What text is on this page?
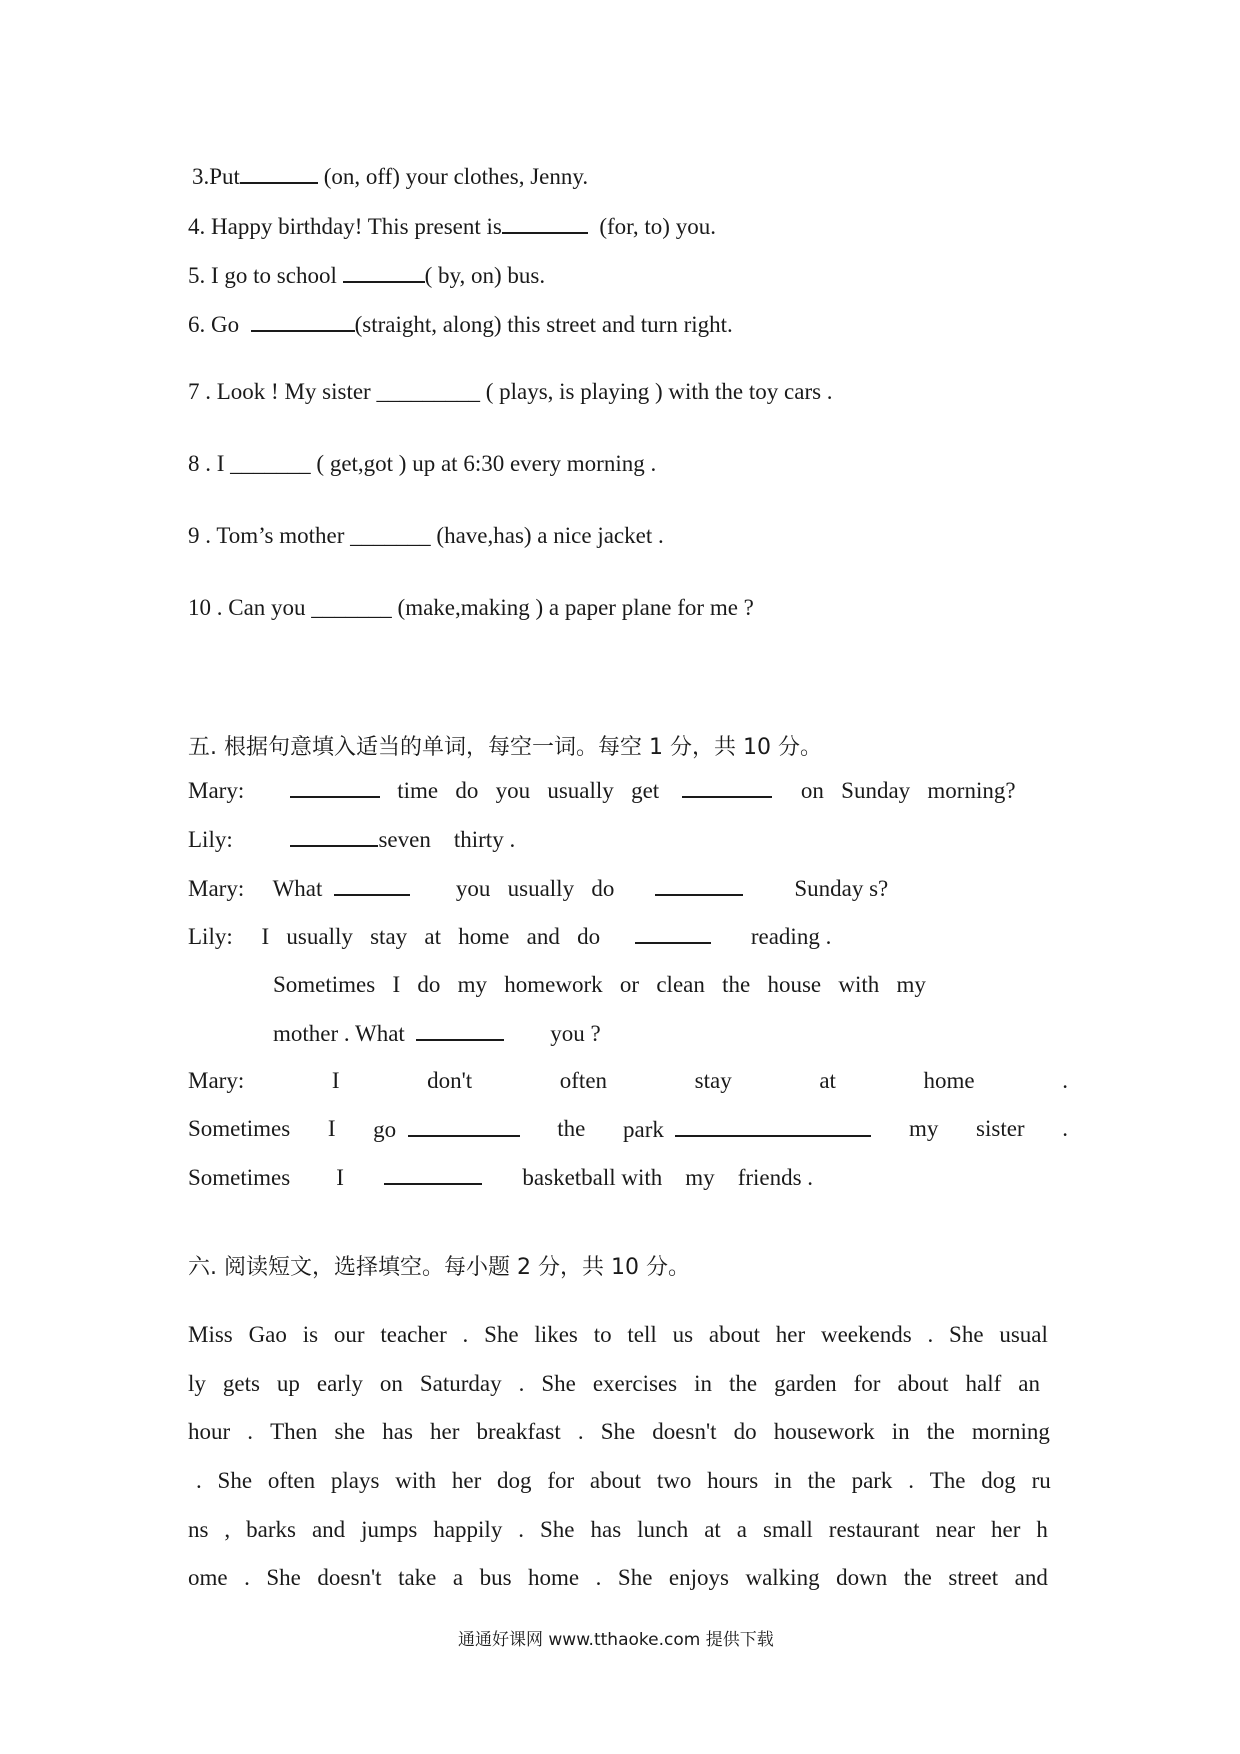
3.Put	(on, off) your clothes, Jenny.
4. Happy birthday! This present is	(for, to) you.
5. I go to school	( by, on) bus.
6. Go	(straight, along) this street and turn right.
7 . Look ! My sister _________ ( plays, is playing ) with the toy cars .
8 . I _______ ( get,got ) up at 6:30 every morning .
9 . Tom’s mother _______ (have,has) a nice jacket .
10 . Can you _______ (make,making ) a paper plane for me ?
五. 根据句意填入适当的单词，每空一词。每空 1 分，共 10 分。
Mary:	time do you usually get	on Sunday morning?
Lily:	seven thirty .
Mary: What	you usually do	Sunday s?
Lily: I usually stay at home and do	reading .
Sometimes I do my homework or clean the house with my
mother . What	you ?
Mary:	I	don't	often	stay	at	home	.
Sometimes I go	the park	my sister .
Sometimes I	basketball with my friends .
六. 阅读短文，选择填空。每小题 2 分，共 10 分。
Miss Gao is our teacher . She likes to tell us about her weekends . She usual
ly gets up early on Saturday . She exercises in the garden for about half an
hour . Then she has her breakfast . She doesn't do housework in the morning
. She often plays with her dog for about two hours in the park . The dog ru
ns , barks and jumps happily . She has lunch at a small restaurant near her h
ome . She doesn't take a bus home . She enjoys walking down the street and
通通好课网 www.tthaoke.com 提供下载
